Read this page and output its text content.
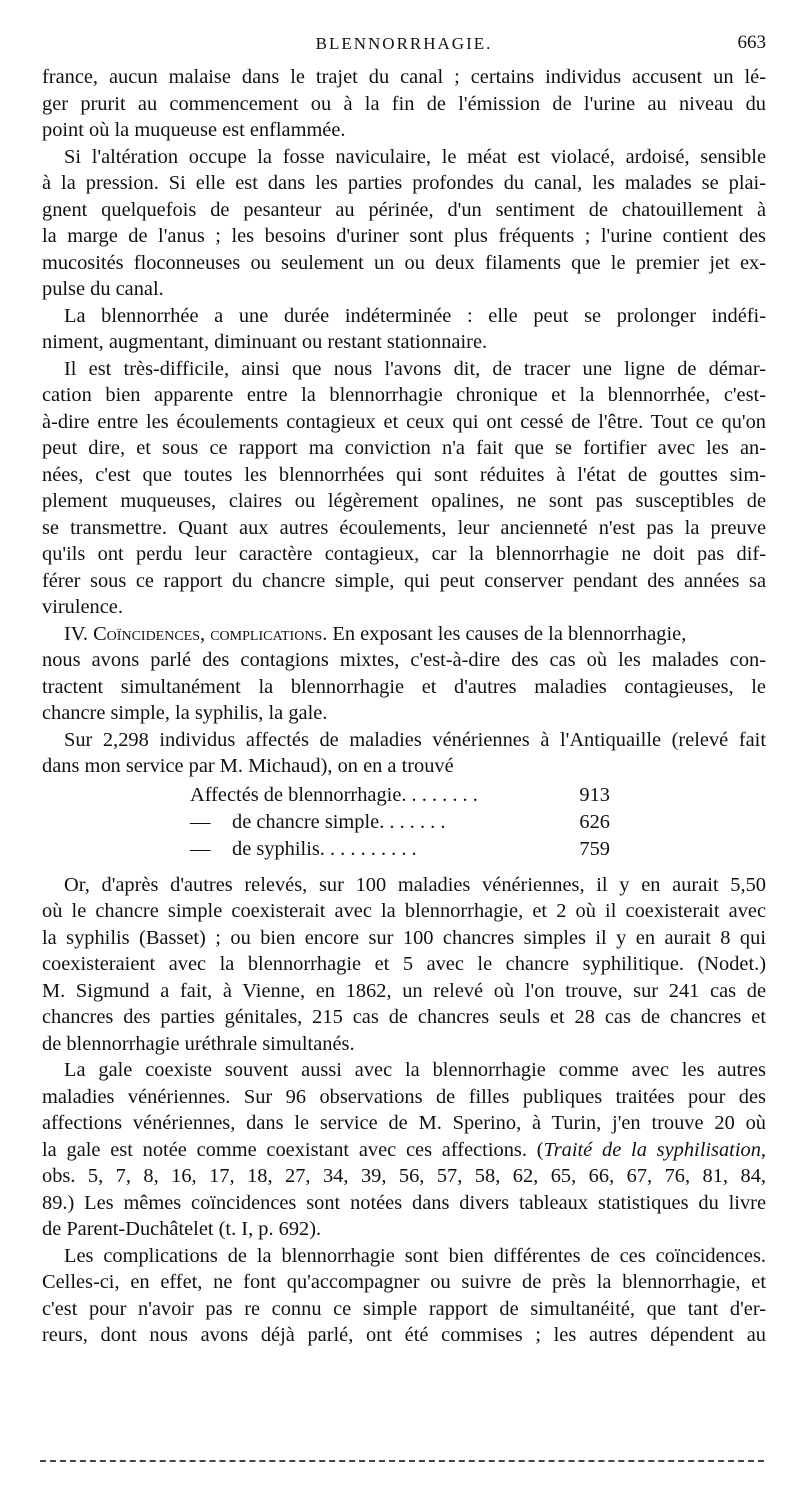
BLENNORRHAGIE.	663
france, aucun malaise dans le trajet du canal ; certains individus accusent un lé-
ger prurit au commencement ou à la fin de l'émission de l'urine au niveau du
point où la muqueuse est enflammée.
Si l'altération occupe la fosse naviculaire, le méat est violacé, ardoisé, sensible
à la pression. Si elle est dans les parties profondes du canal, les malades se plai-
gnent quelquefois de pesanteur au périnée, d'un sentiment de chatouillement à
la marge de l'anus ; les besoins d'uriner sont plus fréquents ; l'urine contient des
mucosités floconneuses ou seulement un ou deux filaments que le premier jet ex-
pulse du canal.
La blennorrhée a une durée indéterminée : elle peut se prolonger indéfi-
niment, augmentant, diminuant ou restant stationnaire.
Il est très-difficile, ainsi que nous l'avons dit, de tracer une ligne de démar-
cation bien apparente entre la blennorrhagie chronique et la blennorrhée, c'est-
à-dire entre les écoulements contagieux et ceux qui ont cessé de l'être. Tout ce qu'on
peut dire, et sous ce rapport ma conviction n'a fait que se fortifier avec les an-
nées, c'est que toutes les blennorrhées qui sont réduites à l'état de gouttes sim-
plement muqueuses, claires ou légèrement opalines, ne sont pas susceptibles de
se transmettre. Quant aux autres écoulements, leur ancienneté n'est pas la preuve
qu'ils ont perdu leur caractère contagieux, car la blennorrhagie ne doit pas dif-
férer sous ce rapport du chancre simple, qui peut conserver pendant des années sa
virulence.
IV. Coïncidences, complications. En exposant les causes de la blennorrhagie,
nous avons parlé des contagions mixtes, c'est-à-dire des cas où les malades con-
tractent simultanément la blennorrhagie et d'autres maladies contagieuses, le
chancre simple, la syphilis, la gale.
Sur 2,298 individus affectés de maladies vénériennes à l'Antiquaille (relevé fait
dans mon service par M. Michaud), on en a trouvé
Affectés de blennorrhagie. . . . . . . .	913
— de chancre simple. . . . . . .	626
— de syphilis. . . . . . . . . .	759
Or, d'après d'autres relevés, sur 100 maladies vénériennes, il y en aurait 5,50
où le chancre simple coexisterait avec la blennorrhagie, et 2 où il coexisterait avec
la syphilis (Basset) ; ou bien encore sur 100 chancres simples il y en aurait 8 qui
coexisteraient avec la blennorrhagie et 5 avec le chancre syphilitique. (Nodet.)
M. Sigmund a fait, à Vienne, en 1862, un relevé où l'on trouve, sur 241 cas de
chancres des parties génitales, 215 cas de chancres seuls et 28 cas de chancres et
de blennorrhagie uréthrale simultanés.
La gale coexiste souvent aussi avec la blennorrhagie comme avec les autres
maladies vénériennes. Sur 96 observations de filles publiques traitées pour des
affections vénériennes, dans le service de M. Sperino, à Turin, j'en trouve 20 où
la gale est notée comme coexistant avec ces affections. (Traité de la syphilisation,
obs. 5, 7, 8, 16, 17, 18, 27, 34, 39, 56, 57, 58, 62, 65, 66, 67, 76, 81, 84,
89.) Les mêmes coïncidences sont notées dans divers tableaux statistiques du livre
de Parent-Duchâtelet (t. I, p. 692).
Les complications de la blennorrhagie sont bien différentes de ces coïncidences.
Celles-ci, en effet, ne font qu'accompagner ou suivre de près la blennorrhagie, et
c'est pour n'avoir pas re connu ce simple rapport de simultanéité, que tant d'er-
reurs, dont nous avons déjà parlé, ont été commises ; les autres dépendent au
